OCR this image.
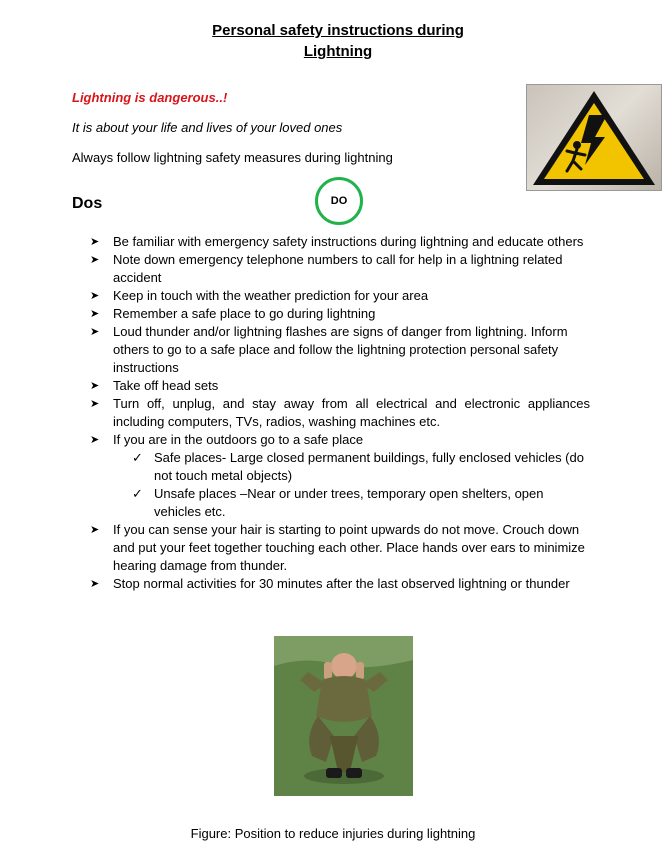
Personal safety instructions during
Lightning
Lightning is dangerous..!
It is about your life and lives of your loved ones
Always follow lightning safety measures during lightning
Dos	DO
➤ Be familiar with emergency safety instructions during lightning and educate others
➤ Note down emergency telephone numbers to call for help in a lightning related accident
➤ Keep in touch with the weather prediction for your area
➤ Remember a safe place to go during lightning
➤ Loud thunder and/or lightning flashes are signs of danger from lightning. Inform others to go to a safe place and follow the lightning protection personal safety instructions
➤ Take off head sets
➤ Turn off, unplug, and stay away from all electrical and electronic appliances including computers, TVs, radios, washing machines etc.
➤ If you are in the outdoors go to a safe place
✓ Safe places- Large closed permanent buildings, fully enclosed vehicles (do not touch metal objects)
✓ Unsafe places –Near or under trees, temporary open shelters, open vehicles etc.
➤ If you can sense your hair is starting to point upwards do not move. Crouch down and put your feet together touching each other. Place hands over ears to minimize hearing damage from thunder.
➤ Stop normal activities for 30 minutes after the last observed lightning or thunder
Figure: Position to reduce injuries during lightning
